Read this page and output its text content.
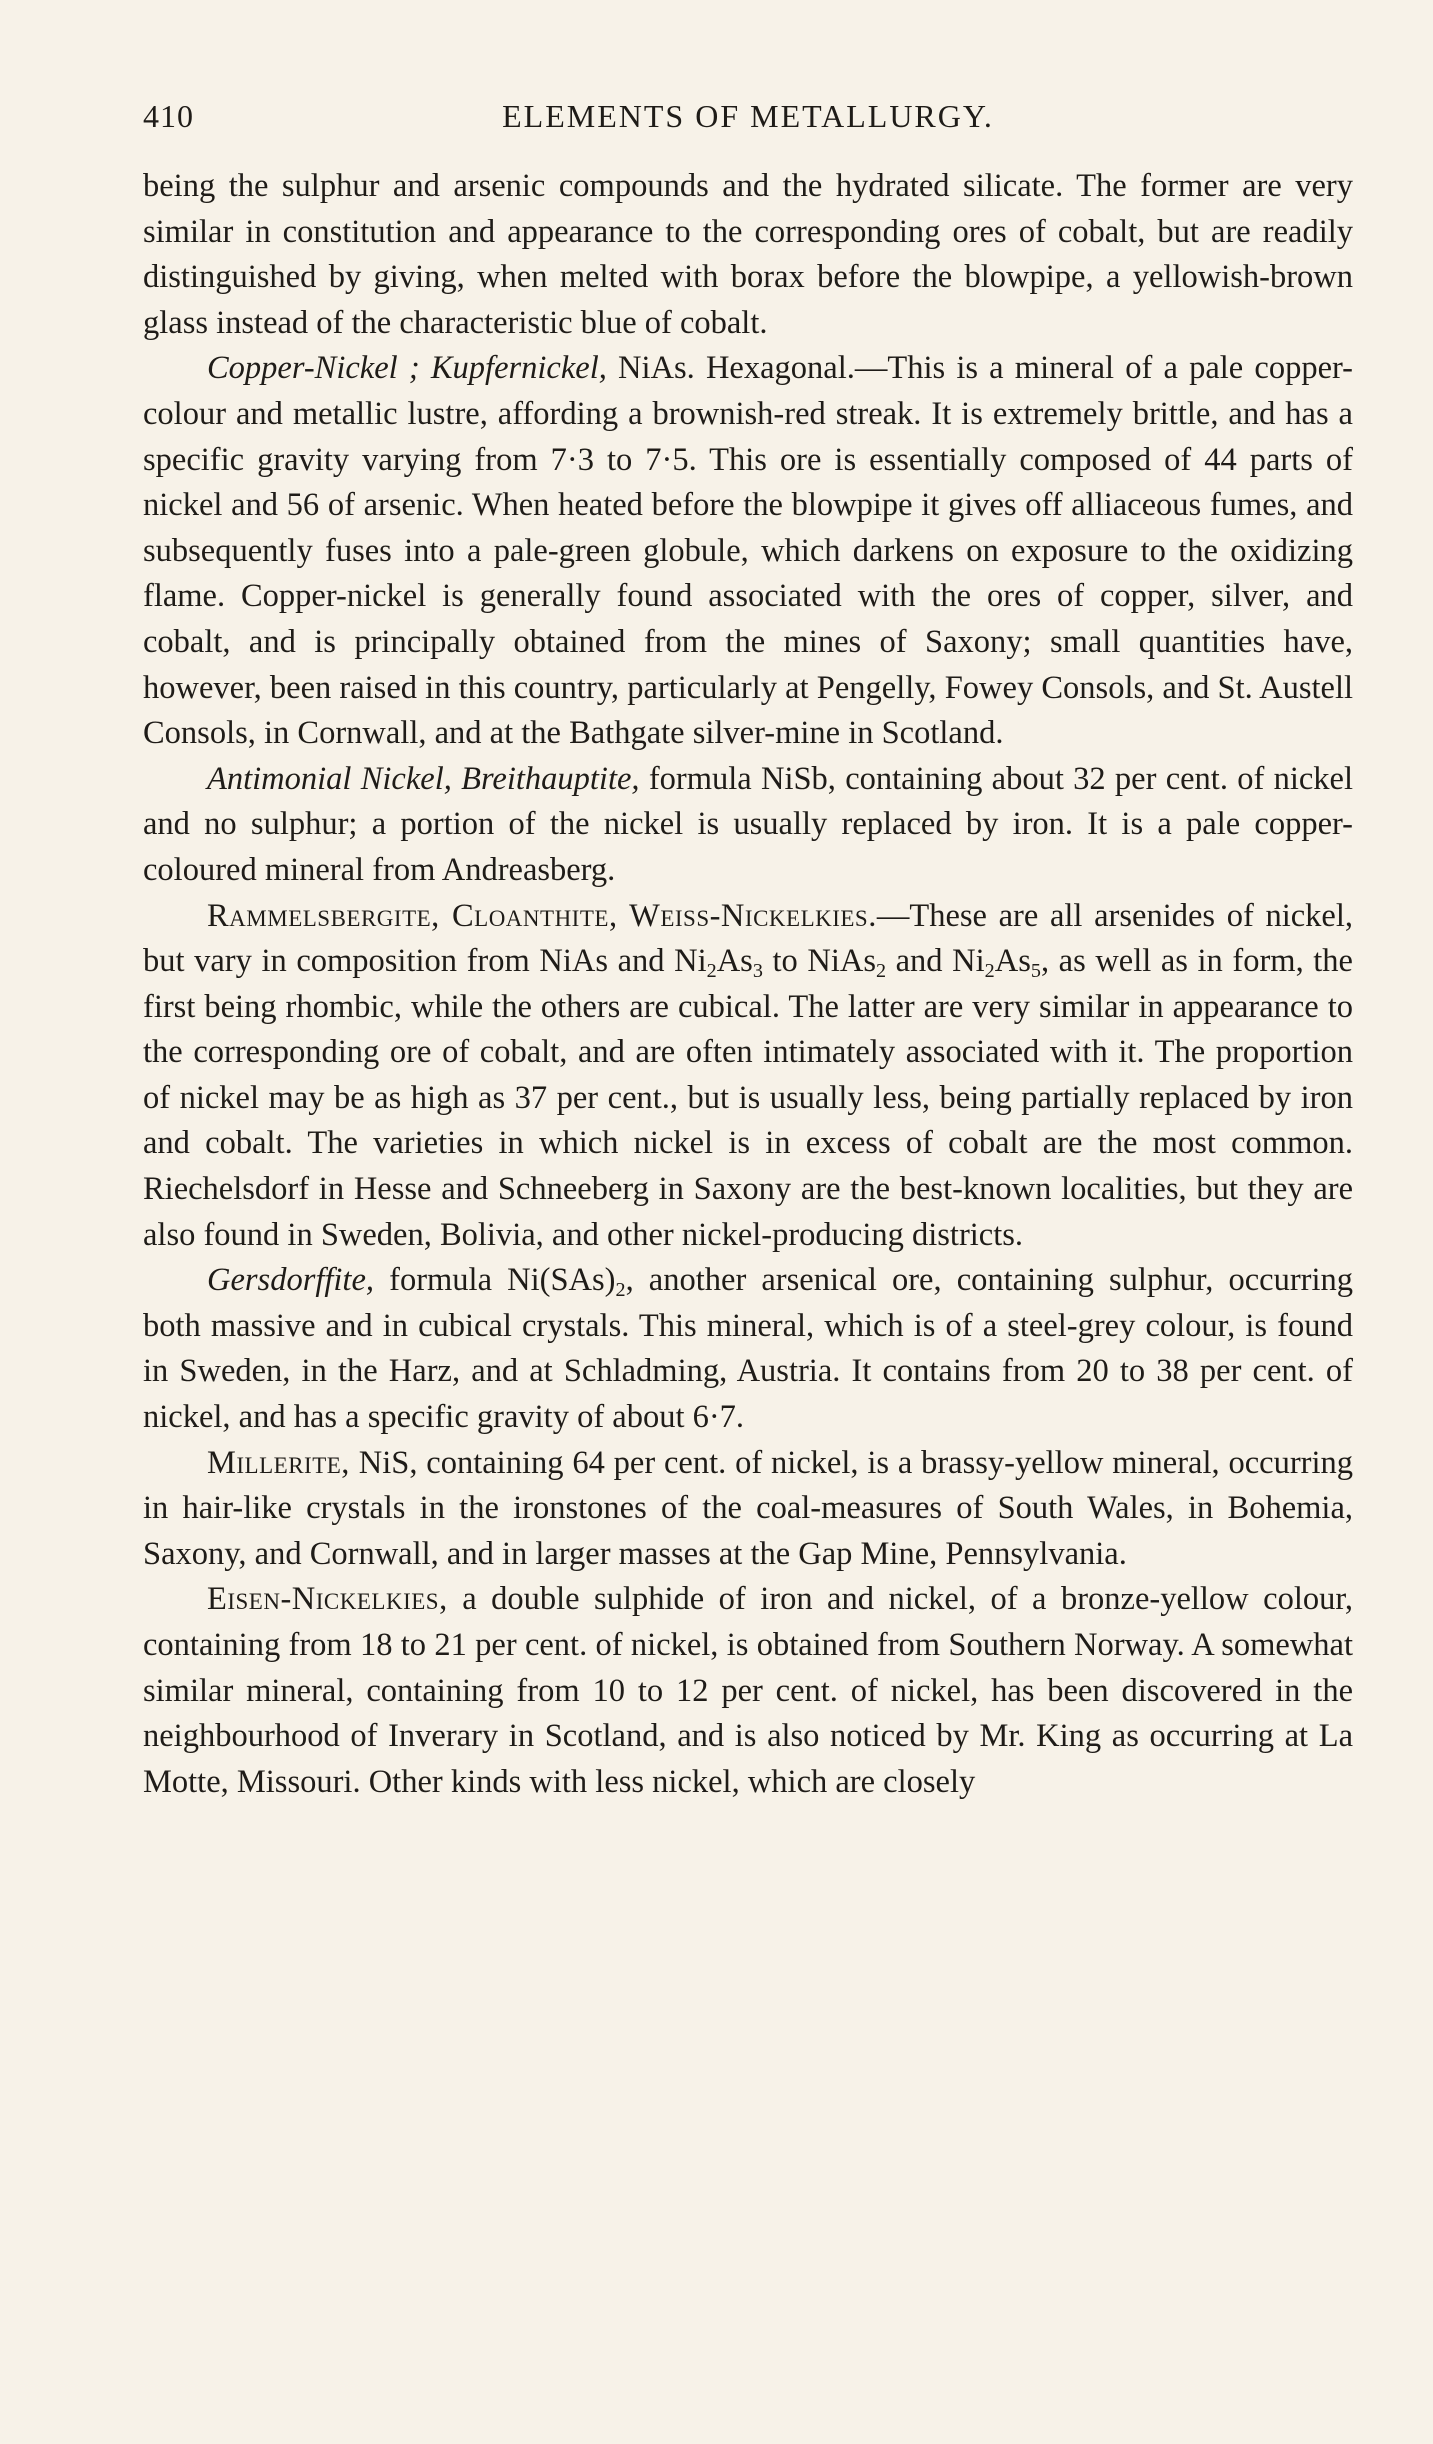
410	ELEMENTS OF METALLURGY.

being the sulphur and arsenic compounds and the hydrated silicate. The former are very similar in constitution and appearance to the corresponding ores of cobalt, but are readily distinguished by giving, when melted with borax before the blowpipe, a yellowish-brown glass instead of the characteristic blue of cobalt.

Copper-Nickel ; Kupfernickel, NiAs. Hexagonal.—This is a mineral of a pale copper-colour and metallic lustre, affording a brownish-red streak. It is extremely brittle, and has a specific gravity varying from 7·3 to 7·5. This ore is essentially composed of 44 parts of nickel and 56 of arsenic. When heated before the blowpipe it gives off alliaceous fumes, and subsequently fuses into a pale-green globule, which darkens on exposure to the oxidizing flame. Copper-nickel is generally found associated with the ores of copper, silver, and cobalt, and is principally obtained from the mines of Saxony; small quantities have, however, been raised in this country, particularly at Pengelly, Fowey Consols, and St. Austell Consols, in Cornwall, and at the Bathgate silver-mine in Scotland.

Antimonial Nickel, Breithauptite, formula NiSb, containing about 32 per cent. of nickel and no sulphur; a portion of the nickel is usually replaced by iron. It is a pale copper-coloured mineral from Andreasberg.

Rammelsbergite, Cloanthite, Weiss-Nickelkies.—These are all arsenides of nickel, but vary in composition from NiAs and $Ni_2As_3$ to NiAs$_2$ and $Ni_2As_5$, as well as in form, the first being rhombic, while the others are cubical. The latter are very similar in appearance to the corresponding ore of cobalt, and are often intimately associated with it. The proportion of nickel may be as high as 37 per cent., but is usually less, being partially replaced by iron and cobalt. The varieties in which nickel is in excess of cobalt are the most common. Riechelsdorf in Hesse and Schneeberg in Saxony are the best-known localities, but they are also found in Sweden, Bolivia, and other nickel-producing districts.

Gersdorffite, formula $Ni(SAs)_2$, another arsenical ore, containing sulphur, occurring both massive and in cubical crystals. This mineral, which is of a steel-grey colour, is found in Sweden, in the Harz, and at Schladming, Austria. It contains from 20 to 38 per cent. of nickel, and has a specific gravity of about 6·7.

Millerite, NiS, containing 64 per cent. of nickel, is a brassy-yellow mineral, occurring in hair-like crystals in the ironstones of the coal-measures of South Wales, in Bohemia, Saxony, and Cornwall, and in larger masses at the Gap Mine, Pennsylvania.

Eisen-Nickelkies, a double sulphide of iron and nickel, of a bronze-yellow colour, containing from 18 to 21 per cent. of nickel, is obtained from Southern Norway. A somewhat similar mineral, containing from 10 to 12 per cent. of nickel, has been discovered in the neighbourhood of Inverary in Scotland, and is also noticed by Mr. King as occurring at La Motte, Missouri. Other kinds with less nickel, which are closely
